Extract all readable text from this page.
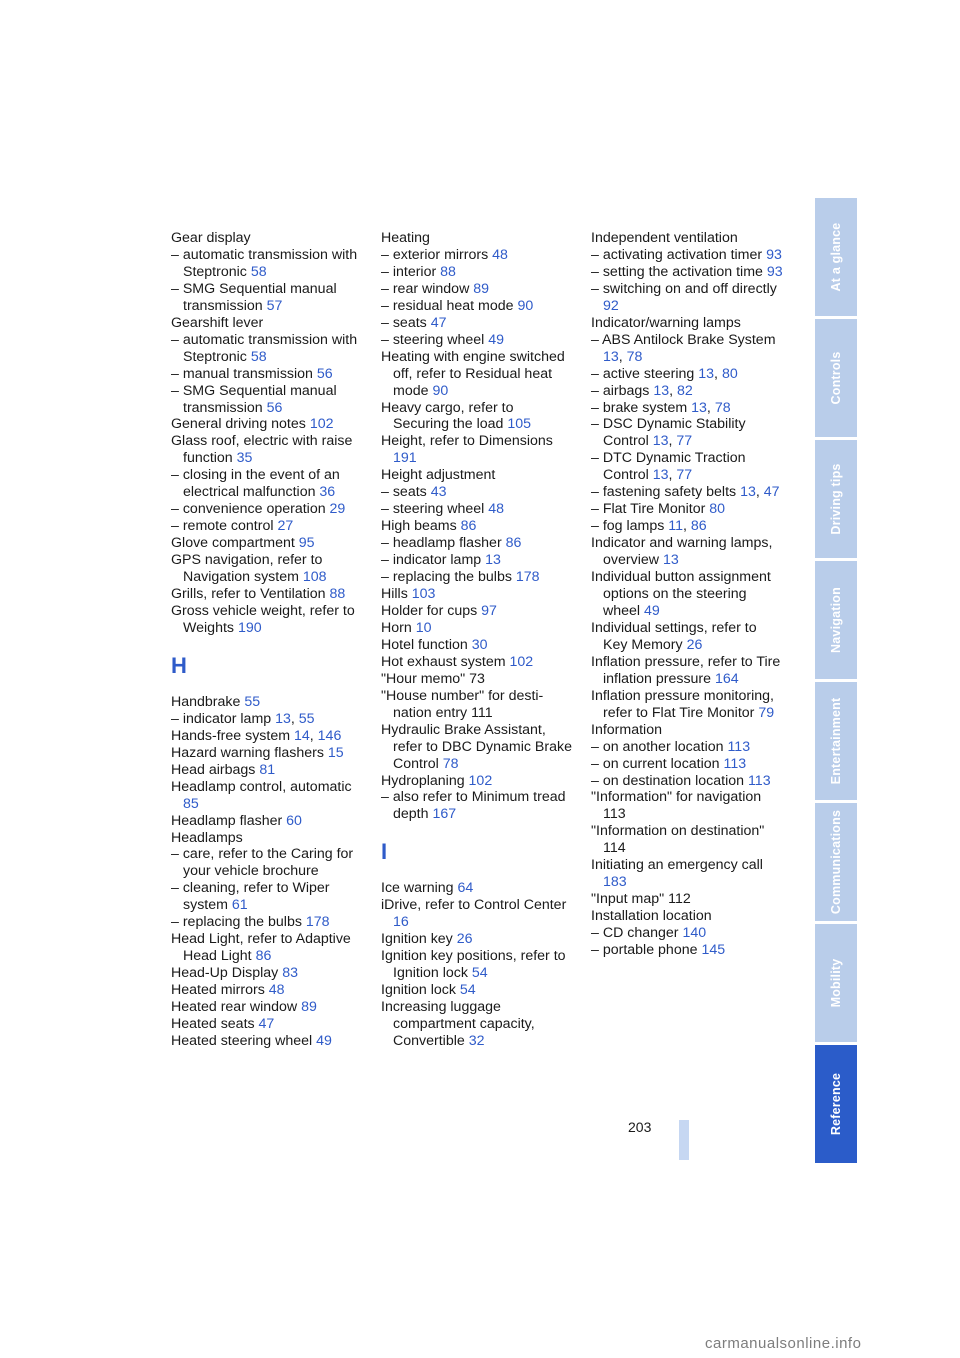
Gear display
– automatic transmission with Steptronic 58
– SMG Sequential manual transmission 57
Gearshift lever
– automatic transmission with Steptronic 58
– manual transmission 56
– SMG Sequential manual transmission 56
General driving notes 102
Glass roof, electric with raise function 35
– closing in the event of an electrical malfunction 36
– convenience operation 29
– remote control 27
Glove compartment 95
GPS navigation, refer to Navigation system 108
Grills, refer to Ventilation 88
Gross vehicle weight, refer to Weights 190
H
Handbrake 55
– indicator lamp 13, 55
Hands-free system 14, 146
Hazard warning flashers 15
Head airbags 81
Headlamp control, automatic 85
Headlamp flasher 60
Headlamps
– care, refer to the Caring for your vehicle brochure
– cleaning, refer to Wiper system 61
– replacing the bulbs 178
Head Light, refer to Adaptive Head Light 86
Head-Up Display 83
Heated mirrors 48
Heated rear window 89
Heated seats 47
Heated steering wheel 49
Heating
– exterior mirrors 48
– interior 88
– rear window 89
– residual heat mode 90
– seats 47
– steering wheel 49
Heating with engine switched off, refer to Residual heat mode 90
Heavy cargo, refer to Securing the load 105
Height, refer to Dimensions 191
Height adjustment
– seats 43
– steering wheel 48
High beams 86
– headlamp flasher 86
– indicator lamp 13
– replacing the bulbs 178
Hills 103
Holder for cups 97
Horn 10
Hotel function 30
Hot exhaust system 102
"Hour memo" 73
"House number" for desti- nation entry 111
Hydraulic Brake Assistant, refer to DBC Dynamic Brake Control 78
Hydroplaning 102
– also refer to Minimum tread depth 167
I
Ice warning 64
iDrive, refer to Control Center 16
Ignition key 26
Ignition key positions, refer to Ignition lock 54
Ignition lock 54
Increasing luggage compartment capacity, Convertible 32
Independent ventilation
– activating activation timer 93
– setting the activation time 93
– switching on and off directly 92
Indicator/warning lamps
– ABS Antilock Brake System 13, 78
– active steering 13, 80
– airbags 13, 82
– brake system 13, 78
– DSC Dynamic Stability Control 13, 77
– DTC Dynamic Traction Control 13, 77
– fastening safety belts 13, 47
– Flat Tire Monitor 80
– fog lamps 11, 86
Indicator and warning lamps, overview 13
Individual button assignment options on the steering wheel 49
Individual settings, refer to Key Memory 26
Inflation pressure, refer to Tire inflation pressure 164
Inflation pressure monitoring, refer to Flat Tire Monitor 79
Information
– on another location 113
– on current location 113
– on destination location 113
"Information" for navigation 113
"Information on destination" 114
Initiating an emergency call 183
"Input map" 112
Installation location
– CD changer 140
– portable phone 145
203
At a glance
Controls
Driving tips
Navigation
Entertainment
Communications
Mobility
Reference
carmanualsonline.info
